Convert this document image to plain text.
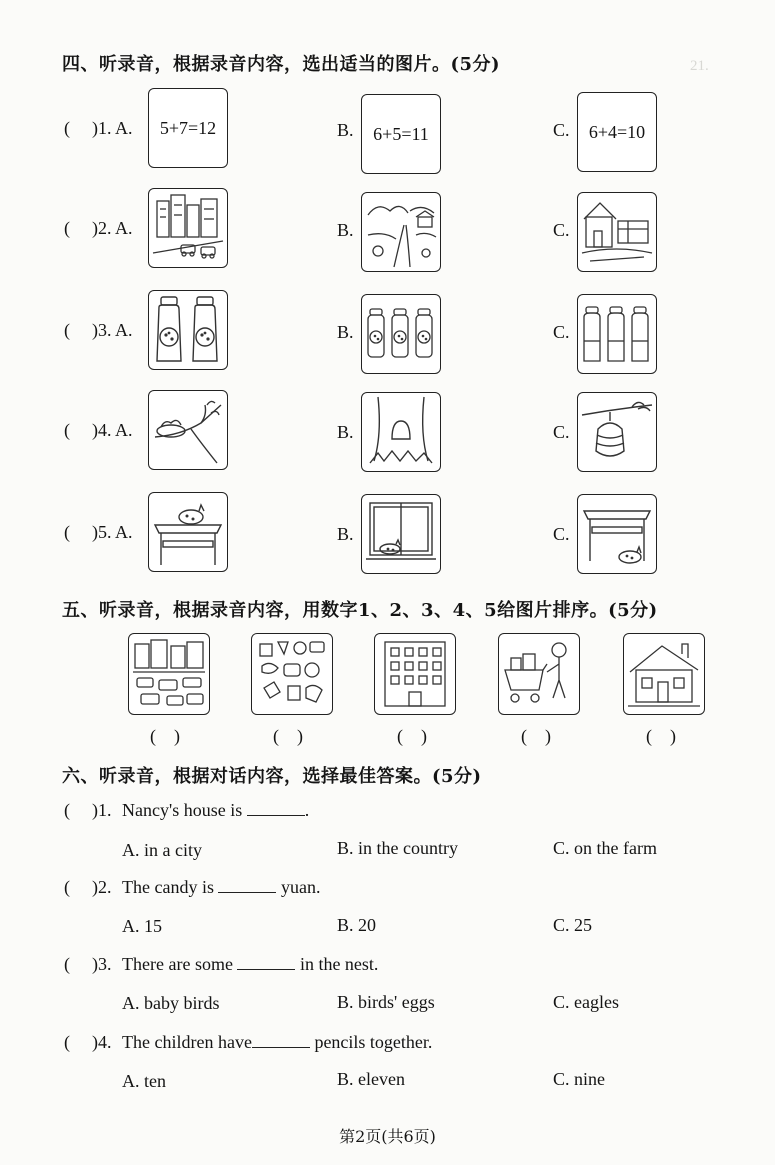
21.
四、听录音，根据录音内容，选出适当的图片。(5分)
( )1. A.	5+7=12	B.	6+5=11	C.	6+4=10
( )2. A.	B.	C.
( )3. A.	B.	C.
( )4. A.	B.	C.
( )5. A.	B.	C.
五、听录音，根据录音内容，用数字1、2、3、4、5给图片排序。(5分)
(　)	(　)	(　)	(　)	(　)
六、听录音，根据对话内容，选择最佳答案。(5分)
( )1. Nancy's house is	.
A. in a city	B. in the country	C. on the farm
( )2. The candy is	yuan.
A. 15	B. 20	C. 25
( )3. There are some	in the nest.
A. baby birds	B. birds' eggs	C. eagles
( )4. The children have	pencils together.
A. ten	B. eleven	C. nine
第2页(共6页)
